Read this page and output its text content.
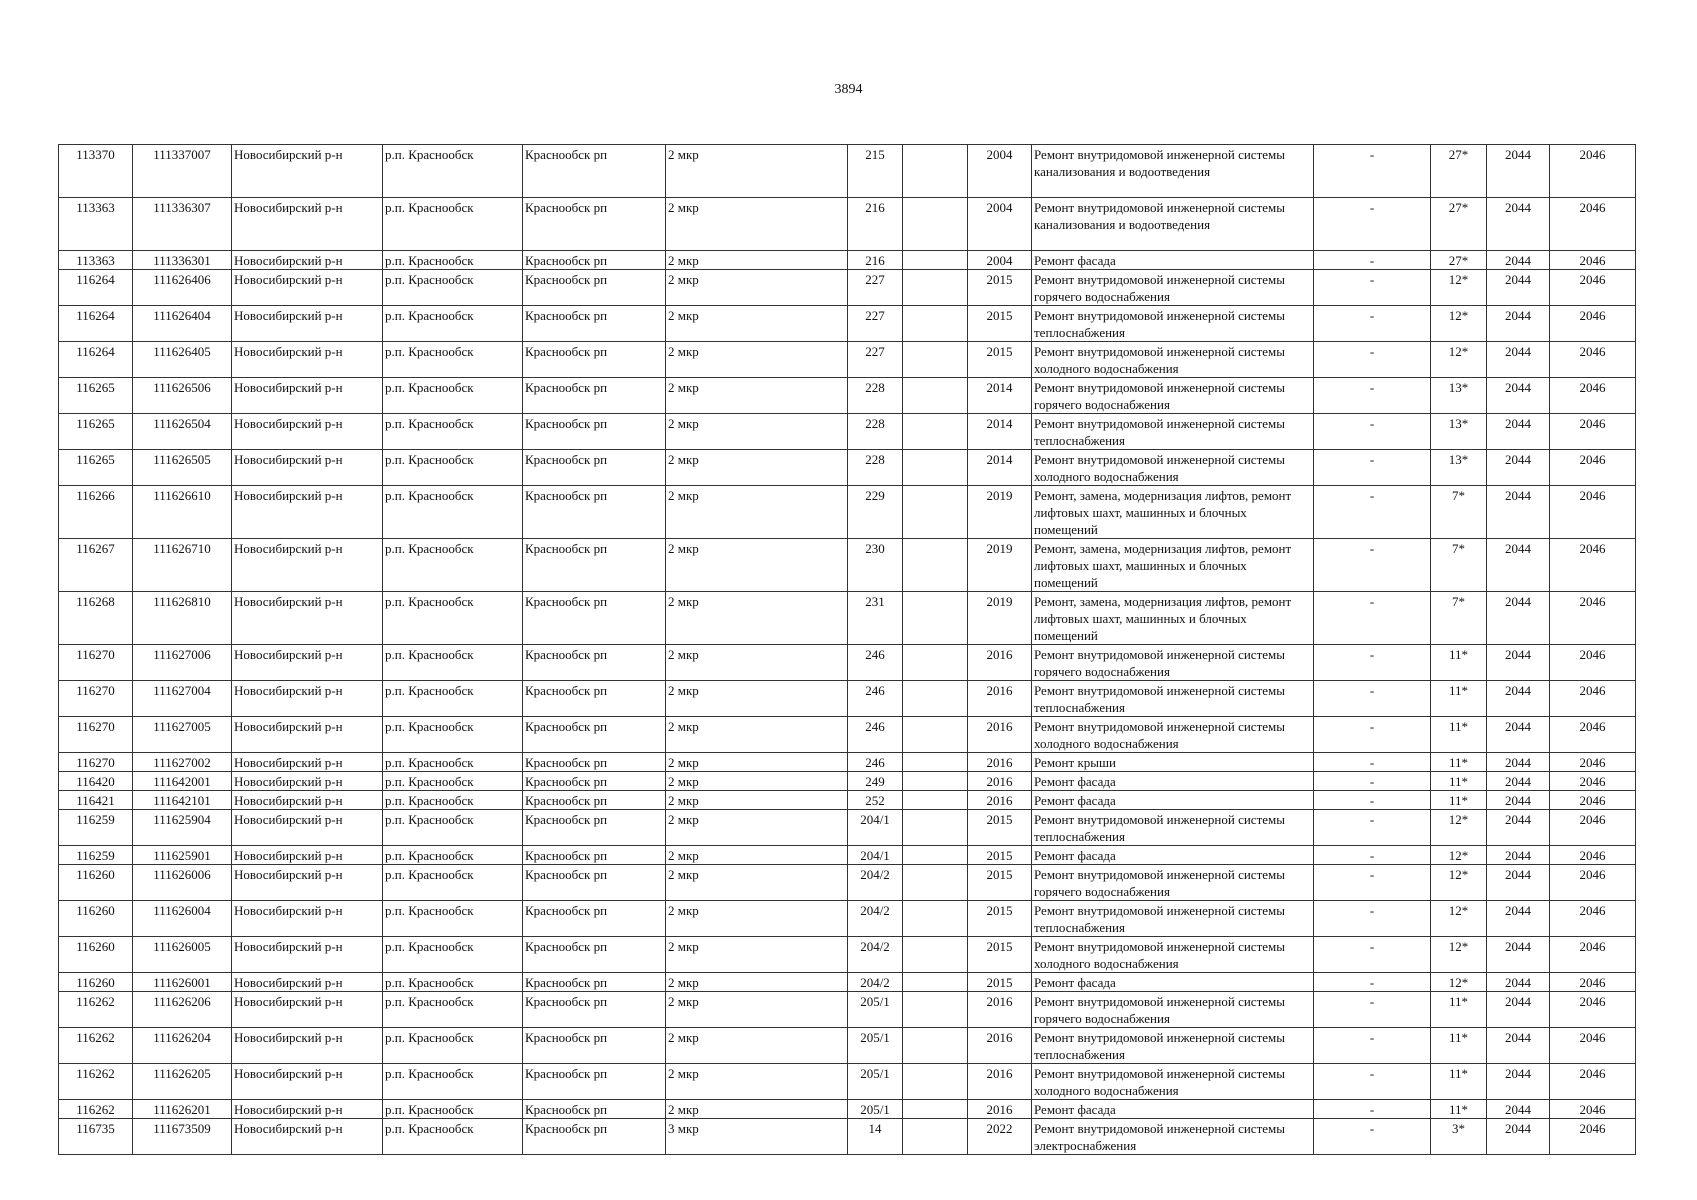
3894
113370	111337007	Новосибирский р-н	р.п. Краснообск	Краснообск рп	2 мкр	215		2004	Ремонт внутридомовой инженерной системы канализования и водоотведения	-	27*	2044	2046
113363	111336307	Новосибирский р-н	р.п. Краснообск	Краснообск рп	2 мкр	216		2004	Ремонт внутридомовой инженерной системы канализования и водоотведения	-	27*	2044	2046
113363	111336301	Новосибирский р-н	р.п. Краснообск	Краснообск рп	2 мкр	216		2004	Ремонт фасада	-	27*	2044	2046
116264	111626406	Новосибирский р-н	р.п. Краснообск	Краснообск рп	2 мкр	227		2015	Ремонт внутридомовой инженерной системы горячего водоснабжения	-	12*	2044	2046
116264	111626404	Новосибирский р-н	р.п. Краснообск	Краснообск рп	2 мкр	227		2015	Ремонт внутридомовой инженерной системы теплоснабжения	-	12*	2044	2046
116264	111626405	Новосибирский р-н	р.п. Краснообск	Краснообск рп	2 мкр	227		2015	Ремонт внутридомовой инженерной системы холодного водоснабжения	-	12*	2044	2046
116265	111626506	Новосибирский р-н	р.п. Краснообск	Краснообск рп	2 мкр	228		2014	Ремонт внутридомовой инженерной системы горячего водоснабжения	-	13*	2044	2046
116265	111626504	Новосибирский р-н	р.п. Краснообск	Краснообск рп	2 мкр	228		2014	Ремонт внутридомовой инженерной системы теплоснабжения	-	13*	2044	2046
116265	111626505	Новосибирский р-н	р.п. Краснообск	Краснообск рп	2 мкр	228		2014	Ремонт внутридомовой инженерной системы холодного водоснабжения	-	13*	2044	2046
116266	111626610	Новосибирский р-н	р.п. Краснообск	Краснообск рп	2 мкр	229		2019	Ремонт, замена, модернизация лифтов, ремонт лифтовых шахт, машинных и блочных помещений	-	7*	2044	2046
116267	111626710	Новосибирский р-н	р.п. Краснообск	Краснообск рп	2 мкр	230		2019	Ремонт, замена, модернизация лифтов, ремонт лифтовых шахт, машинных и блочных помещений	-	7*	2044	2046
116268	111626810	Новосибирский р-н	р.п. Краснообск	Краснообск рп	2 мкр	231		2019	Ремонт, замена, модернизация лифтов, ремонт лифтовых шахт, машинных и блочных помещений	-	7*	2044	2046
116270	111627006	Новосибирский р-н	р.п. Краснообск	Краснообск рп	2 мкр	246		2016	Ремонт внутридомовой инженерной системы горячего водоснабжения	-	11*	2044	2046
116270	111627004	Новосибирский р-н	р.п. Краснообск	Краснообск рп	2 мкр	246		2016	Ремонт внутридомовой инженерной системы теплоснабжения	-	11*	2044	2046
116270	111627005	Новосибирский р-н	р.п. Краснообск	Краснообск рп	2 мкр	246		2016	Ремонт внутридомовой инженерной системы холодного водоснабжения	-	11*	2044	2046
116270	111627002	Новосибирский р-н	р.п. Краснообск	Краснообск рп	2 мкр	246		2016	Ремонт крыши	-	11*	2044	2046
116420	111642001	Новосибирский р-н	р.п. Краснообск	Краснообск рп	2 мкр	249		2016	Ремонт фасада	-	11*	2044	2046
116421	111642101	Новосибирский р-н	р.п. Краснообск	Краснообск рп	2 мкр	252		2016	Ремонт фасада	-	11*	2044	2046
116259	111625904	Новосибирский р-н	р.п. Краснообск	Краснообск рп	2 мкр	204/1		2015	Ремонт внутридомовой инженерной системы теплоснабжения	-	12*	2044	2046
116259	111625901	Новосибирский р-н	р.п. Краснообск	Краснообск рп	2 мкр	204/1		2015	Ремонт фасада	-	12*	2044	2046
116260	111626006	Новосибирский р-н	р.п. Краснообск	Краснообск рп	2 мкр	204/2		2015	Ремонт внутридомовой инженерной системы горячего водоснабжения	-	12*	2044	2046
116260	111626004	Новосибирский р-н	р.п. Краснообск	Краснообск рп	2 мкр	204/2		2015	Ремонт внутридомовой инженерной системы теплоснабжения	-	12*	2044	2046
116260	111626005	Новосибирский р-н	р.п. Краснообск	Краснообск рп	2 мкр	204/2		2015	Ремонт внутридомовой инженерной системы холодного водоснабжения	-	12*	2044	2046
116260	111626001	Новосибирский р-н	р.п. Краснообск	Краснообск рп	2 мкр	204/2		2015	Ремонт фасада	-	12*	2044	2046
116262	111626206	Новосибирский р-н	р.п. Краснообск	Краснообск рп	2 мкр	205/1		2016	Ремонт внутридомовой инженерной системы горячего водоснабжения	-	11*	2044	2046
116262	111626204	Новосибирский р-н	р.п. Краснообск	Краснообск рп	2 мкр	205/1		2016	Ремонт внутридомовой инженерной системы теплоснабжения	-	11*	2044	2046
116262	111626205	Новосибирский р-н	р.п. Краснообск	Краснообск рп	2 мкр	205/1		2016	Ремонт внутридомовой инженерной системы холодного водоснабжения	-	11*	2044	2046
116262	111626201	Новосибирский р-н	р.п. Краснообск	Краснообск рп	2 мкр	205/1		2016	Ремонт фасада	-	11*	2044	2046
116735	111673509	Новосибирский р-н	р.п. Краснообск	Краснообск рп	3 мкр	14		2022	Ремонт внутридомовой инженерной системы электроснабжения	-	3*	2044	2046
